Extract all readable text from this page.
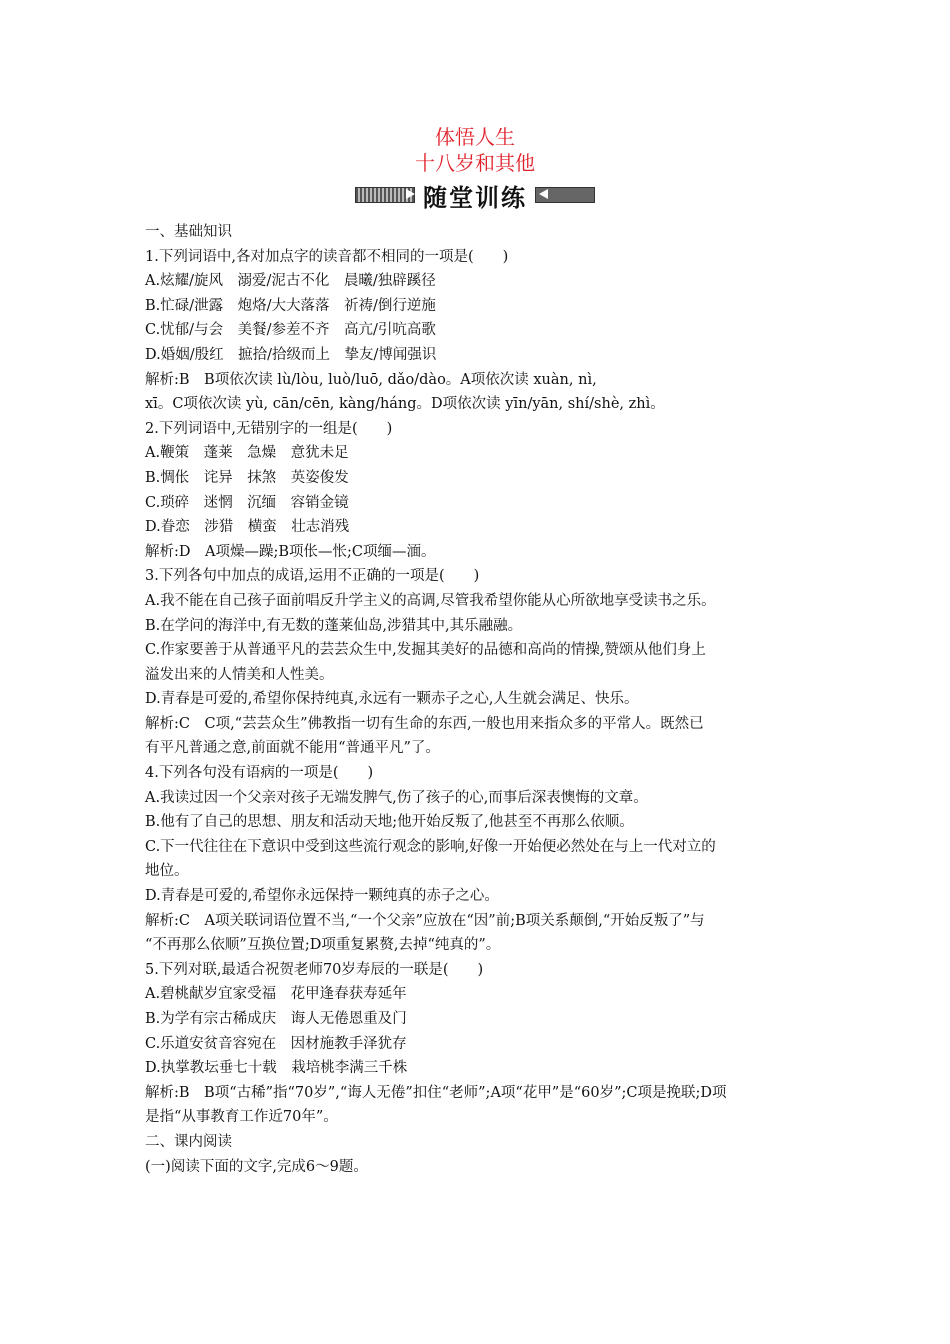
体悟人生

十八岁和其他

随堂训练

一、基础知识

1.下列词语中,各对加点字的读音都不相同的一项是(　　)

A.炫耀/旋风　溺爱/泥古不化　晨曦/独辟蹊径

B.忙碌/泄露　炮烙/大大落落　祈祷/倒行逆施

C.忧郁/与会　美餐/参差不齐　高亢/引吭高歌

D.婚姻/殷红　摭拾/拾级而上　挚友/博闻强识

解析:B　B项依次读 lù/lòu, luò/luō, dǎo/dào。A项依次读 xuàn, nì,

xī。C项依次读 yù, cān/cēn, kàng/háng。D项依次读 yīn/yān, shí/shè, zhì。

2.下列词语中,无错别字的一组是(　　)

A.鞭策　蓬莱　急燥　意犹未足

B.惆伥　诧异　抹煞　英姿俊发

C.琐碎　迷惘　沉缅　容销金镜

D.眷恋　涉猎　横蛮　壮志消残

解析:D　A项燥—躁;B项伥—怅;C项缅—湎。

3.下列各句中加点的成语,运用不正确的一项是(　　)

A.我不能在自己孩子面前唱反升学主义的高调,尽管我希望你能从心所欲地享受读书之乐。

B.在学问的海洋中,有无数的蓬莱仙岛,涉猎其中,其乐融融。

C.作家要善于从普通平凡的芸芸众生中,发掘其美好的品德和高尚的情操,赞颂从他们身上

溢发出来的人情美和人性美。

D.青春是可爱的,希望你保持纯真,永远有一颗赤子之心,人生就会满足、快乐。

解析:C　C项,“芸芸众生”佛教指一切有生命的东西,一般也用来指众多的平常人。既然已

有平凡普通之意,前面就不能用“普通平凡”了。

4.下列各句没有语病的一项是(　　)

A.我读过因一个父亲对孩子无端发脾气,伤了孩子的心,而事后深表懊悔的文章。

B.他有了自己的思想、朋友和活动天地;他开始反叛了,他甚至不再那么依顺。

C.下一代往往在下意识中受到这些流行观念的影响,好像一开始便必然处在与上一代对立的

地位。

D.青春是可爱的,希望你永远保持一颗纯真的赤子之心。

解析:C　A项关联词语位置不当,“一个父亲”应放在“因”前;B项关系颠倒,“开始反叛了”与

“不再那么依顺”互换位置;D项重复累赘,去掉“纯真的”。

5.下列对联,最适合祝贺老师70岁寿辰的一联是(　　)

A.碧桃献岁宜家受福　花甲逢春获寿延年

B.为学有宗古稀成庆　诲人无倦恩重及门

C.乐道安贫音容宛在　因材施教手泽犹存

D.执掌教坛垂七十载　栽培桃李满三千株

解析:B　B项“古稀”指“70岁”,“诲人无倦”扣住“老师”;A项“花甲”是“60岁”;C项是挽联;D项

是指“从事教育工作近70年”。

二、课内阅读

(一)阅读下面的文字,完成6～9题。
